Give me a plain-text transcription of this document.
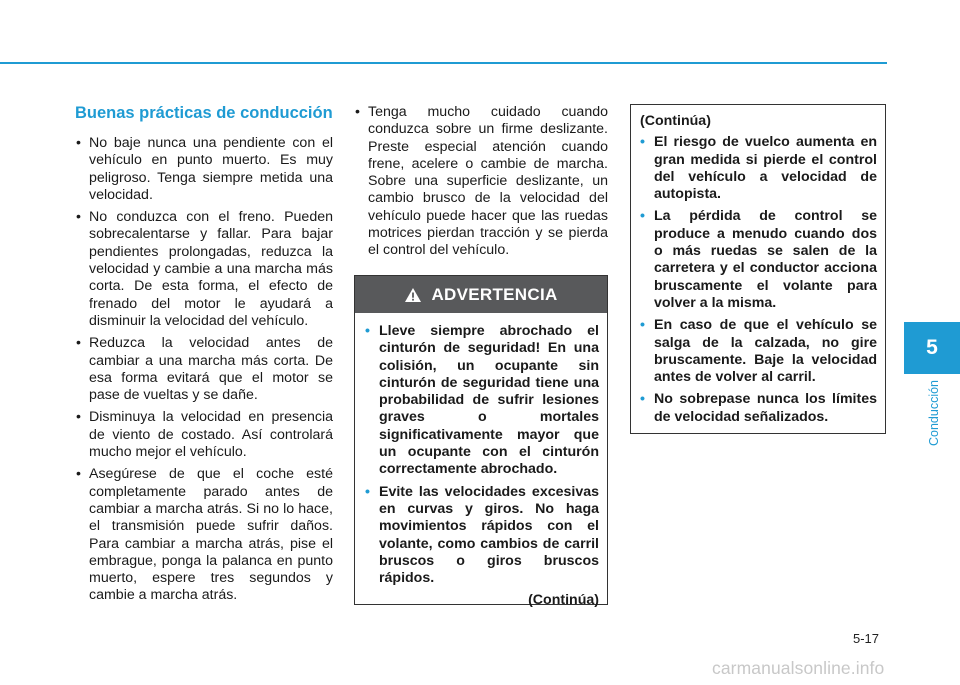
Buenas prácticas de conducción
• No baje nunca una pendiente con el vehículo en punto muerto. Es muy peligroso. Tenga siempre metida una velocidad.
• No conduzca con el freno. Pueden sobrecalentarse y fallar. Para bajar pendientes prolongadas, reduzca la velocidad y cambie a una marcha más corta. De esta forma, el efecto de frenado del motor le ayudará a disminuir la velocidad del vehículo.
• Reduzca la velocidad antes de cambiar a una marcha más corta. De esa forma evitará que el motor se pase de vueltas y se dañe.
• Disminuya la velocidad en presencia de viento de costado. Así controlará mucho mejor el vehículo.
• Asegúrese de que el coche esté completamente parado antes de cambiar a marcha atrás. Si no lo hace, el transmisión puede sufrir daños. Para cambiar a marcha atrás, pise el embrague, ponga la palanca en punto muerto, espere tres segundos y cambie a marcha atrás.
• Tenga mucho cuidado cuando conduzca sobre un firme deslizante. Preste especial atención cuando frene, acelere o cambie de marcha. Sobre una superficie deslizante, un cambio brusco de la velocidad del vehículo puede hacer que las ruedas motrices pierdan tracción y se pierda el control del vehículo.
ADVERTENCIA
• Lleve siempre abrochado el cinturón de seguridad! En una colisión, un ocupante sin cinturón de seguridad tiene una probabilidad de sufrir lesiones graves o mortales significativamente mayor que un ocupante con el cinturón correctamente abrochado.
• Evite las velocidades excesivas en curvas y giros. No haga movimientos rápidos con el volante, como cambios de carril bruscos o giros bruscos rápidos.
(Continúa)
(Continúa)
• El riesgo de vuelco aumenta en gran medida si pierde el control del vehículo a velocidad de autopista.
• La pérdida de control se produce a menudo cuando dos o más ruedas se salen de la carretera y el conductor acciona bruscamente el volante para volver a la misma.
• En caso de que el vehículo se salga de la calzada, no gire bruscamente. Baje la velocidad antes de volver al carril.
• No sobrepase nunca los límites de velocidad señalizados.
5
Conducción
5-17
carmanualsonline.info
